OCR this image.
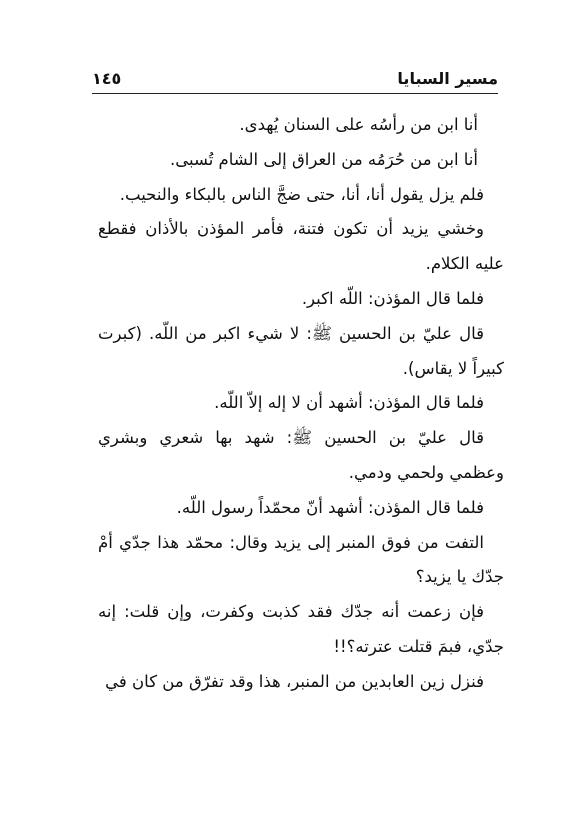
مسير السبايا
١٤٥

أنا ابن من رأسُه على السنان يُهدى.

أنا ابن من حُرَمُه من العراق إلى الشام تُسبى.

فلم يزل يقول أنا، أنا، حتى ضجَّ الناس بالبكاء والنحيب.

وخشي يزيد أن تكون فتنة، فأمر المؤذن بالأذان فقطع عليه الكلام.

فلما قال المؤذن: اللّه اكبر.

قال عليّ بن الحسين ﷺ: لا شيء اكبر من اللّه. (كبرت كبيراً لا يقاس).

فلما قال المؤذن: أشهد أن لا إله إلاّ اللّه.

قال عليّ بن الحسين ﷺ: شهد بها شعري وبشري وعظمي ولحمي ودمي.

فلما قال المؤذن: أشهد أنّ محمّداً رسول اللّه.

التفت من فوق المنبر إلى يزيد وقال: محمّد هذا جدّي أمْ جدّك يا يزيد؟

فإن زعمت أنه جدّك فقد كذبت وكفرت، وإن قلت: إنه جدّي، فبمَ قتلت عترته؟!!

فنزل زين العابدين من المنبر، هذا وقد تفرّق من كان في
